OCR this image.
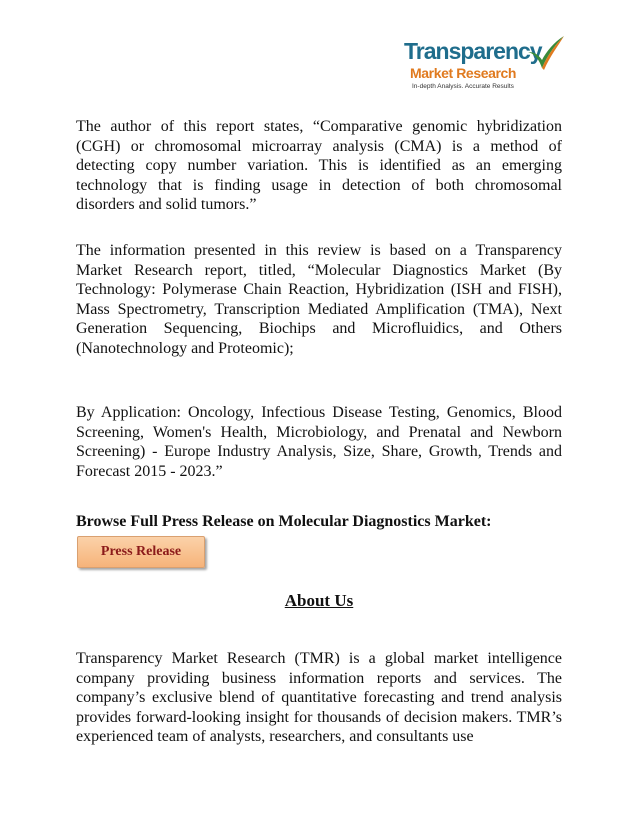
Transparency
Market Research
In-depth Analysis. Accurate Results

The author of this report states, “Comparative genomic hybridization (CGH) or chromosomal microarray analysis (CMA) is a method of detecting copy number variation. This is identified as an emerging technology that is finding usage in detection of both chromosomal disorders and solid tumors.”

The information presented in this review is based on a Transparency Market Research report, titled, “Molecular Diagnostics Market (By Technology: Polymerase Chain Reaction, Hybridization (ISH and FISH), Mass Spectrometry, Transcription Mediated Amplification (TMA), Next Generation Sequencing, Biochips and Microfluidics, and Others (Nanotechnology and Proteomic);

By Application: Oncology, Infectious Disease Testing, Genomics, Blood Screening, Women's Health, Microbiology, and Prenatal and Newborn Screening) - Europe Industry Analysis, Size, Share, Growth, Trends and Forecast 2015 - 2023.”

Browse Full Press Release on Molecular Diagnostics Market:

Press Release
About Us

Transparency Market Research (TMR) is a global market intelligence company providing business information reports and services. The company’s exclusive blend of quantitative forecasting and trend analysis provides forward-looking insight for thousands of decision makers. TMR’s experienced team of analysts, researchers, and consultants use
